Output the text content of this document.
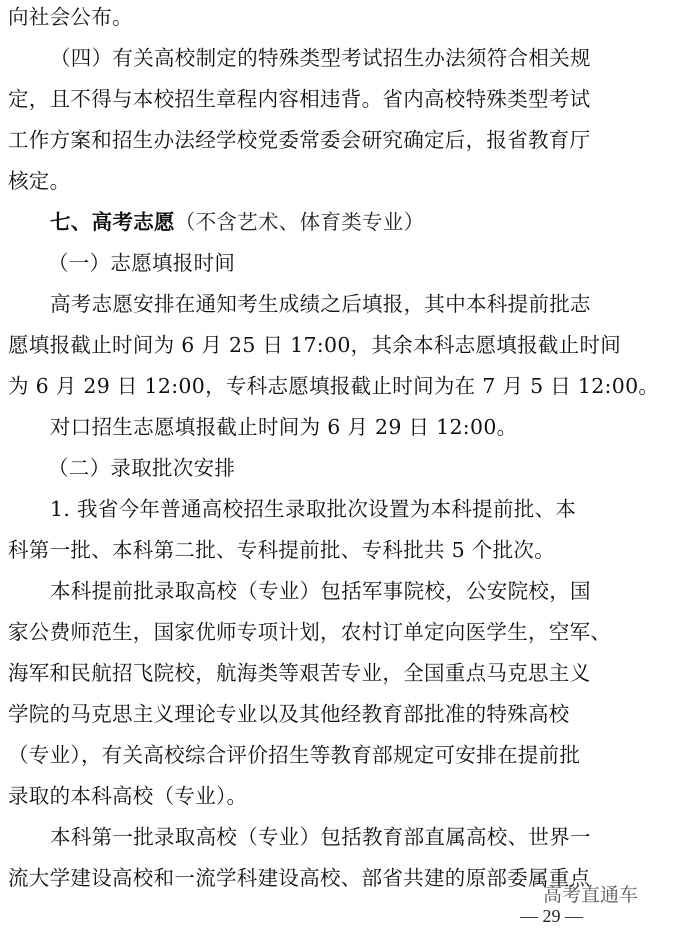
向社会公布。
（四）有关高校制定的特殊类型考试招生办法须符合相关规
定，且不得与本校招生章程内容相违背。省内高校特殊类型考试
工作方案和招生办法经学校党委常委会研究确定后，报省教育厅
核定。
七、高考志愿（不含艺术、体育类专业）
（一）志愿填报时间
高考志愿安排在通知考生成绩之后填报，其中本科提前批志
愿填报截止时间为 6 月 25 日 17:00，其余本科志愿填报截止时间
为 6 月 29 日 12:00，专科志愿填报截止时间为在 7 月 5 日 12:00。
对口招生志愿填报截止时间为 6 月 29 日 12:00。
（二）录取批次安排
1. 我省今年普通高校招生录取批次设置为本科提前批、本
科第一批、本科第二批、专科提前批、专科批共 5 个批次。
本科提前批录取高校（专业）包括军事院校，公安院校，国
家公费师范生，国家优师专项计划，农村订单定向医学生，空军、
海军和民航招飞院校，航海类等艰苦专业，全国重点马克思主义
学院的马克思主义理论专业以及其他经教育部批准的特殊高校
（专业），有关高校综合评价招生等教育部规定可安排在提前批
录取的本科高校（专业）。
本科第一批录取高校（专业）包括教育部直属高校、世界一
流大学建设高校和一流学科建设高校、部省共建的原部委属重点
高考直通车
— 29 —
